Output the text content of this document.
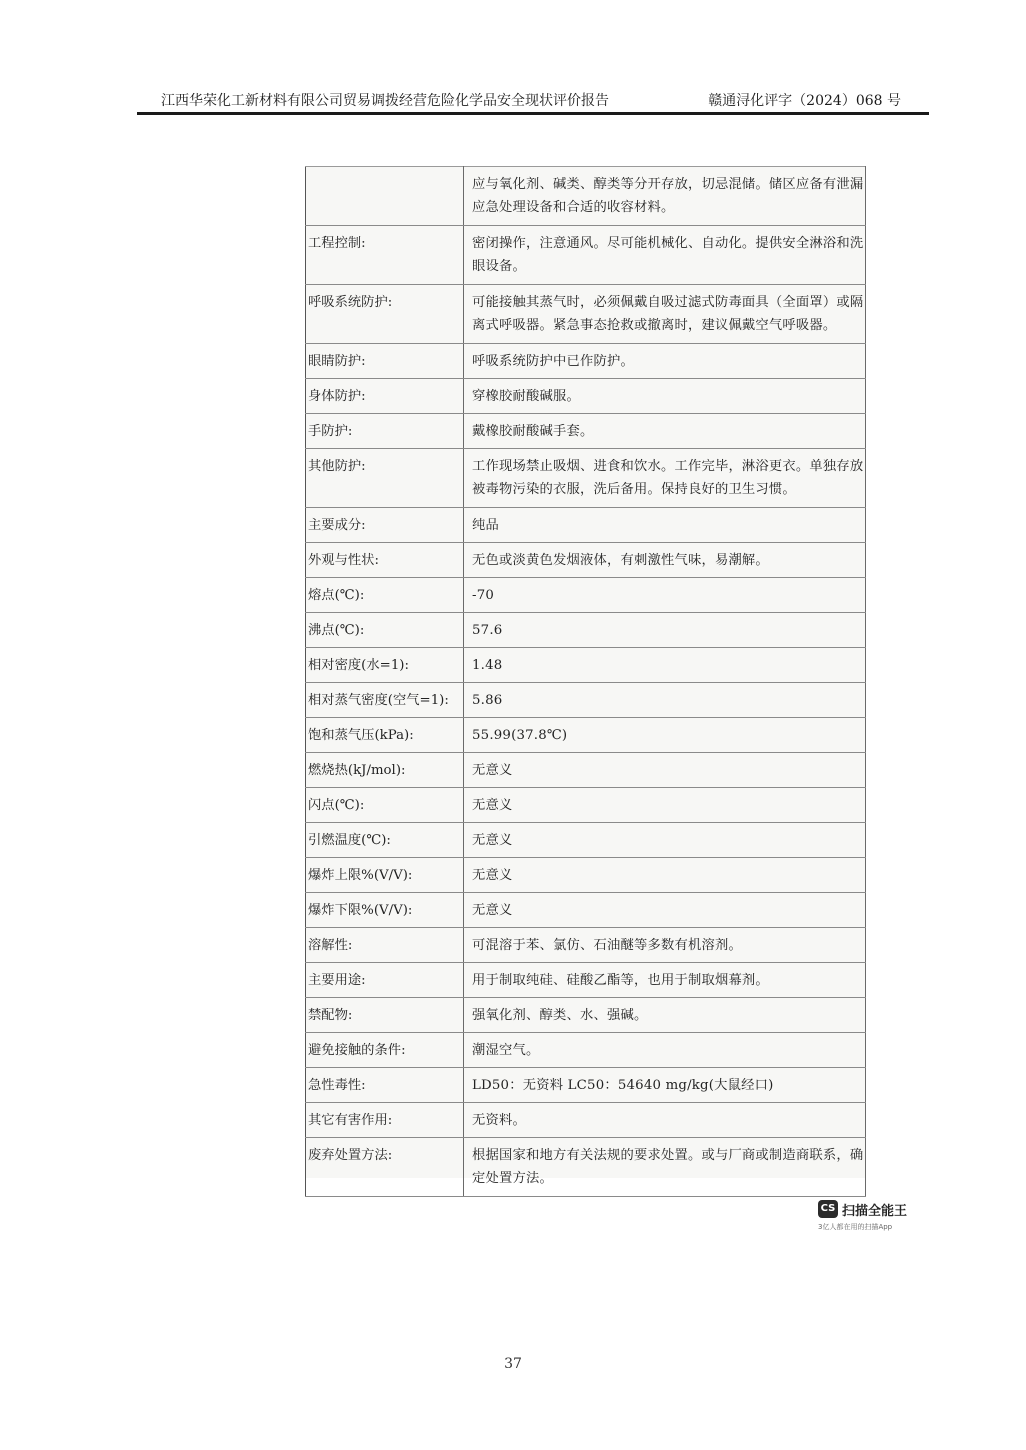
江西华荣化工新材料有限公司贸易调拨经营危险化学品安全现状评价报告	赣通浔化评字（2024）068 号
	应与氧化剂、碱类、醇类等分开存放，切忌混储。储区应备有泄漏应急处理设备和合适的收容材料。
工程控制:	密闭操作，注意通风。尽可能机械化、自动化。提供安全淋浴和洗眼设备。
呼吸系统防护:	可能接触其蒸气时，必须佩戴自吸过滤式防毒面具（全面罩）或隔离式呼吸器。紧急事态抢救或撤离时，建议佩戴空气呼吸器。
眼睛防护:	呼吸系统防护中已作防护。
身体防护:	穿橡胶耐酸碱服。
手防护:	戴橡胶耐酸碱手套。
其他防护:	工作现场禁止吸烟、进食和饮水。工作完毕，淋浴更衣。单独存放被毒物污染的衣服，洗后备用。保持良好的卫生习惯。
主要成分:	纯品
外观与性状:	无色或淡黄色发烟液体，有刺激性气味，易潮解。
熔点(℃):	-70
沸点(℃):	57.6
相对密度(水=1):	1.48
相对蒸气密度(空气=1):	5.86
饱和蒸气压(kPa):	55.99(37.8℃)
燃烧热(kJ/mol):	无意义
闪点(℃):	无意义
引燃温度(℃):	无意义
爆炸上限%(V/V):	无意义
爆炸下限%(V/V):	无意义
溶解性:	可混溶于苯、氯仿、石油醚等多数有机溶剂。
主要用途:	用于制取纯硅、硅酸乙酯等，也用于制取烟幕剂。
禁配物:	强氧化剂、醇类、水、强碱。
避免接触的条件:	潮湿空气。
急性毒性:	LD50：无资料 LC50：54640 mg/kg(大鼠经口)
其它有害作用:	无资料。
废弃处置方法:	根据国家和地方有关法规的要求处置。或与厂商或制造商联系，确定处置方法。
CS 扫描全能王
3亿人都在用的扫描App
37
